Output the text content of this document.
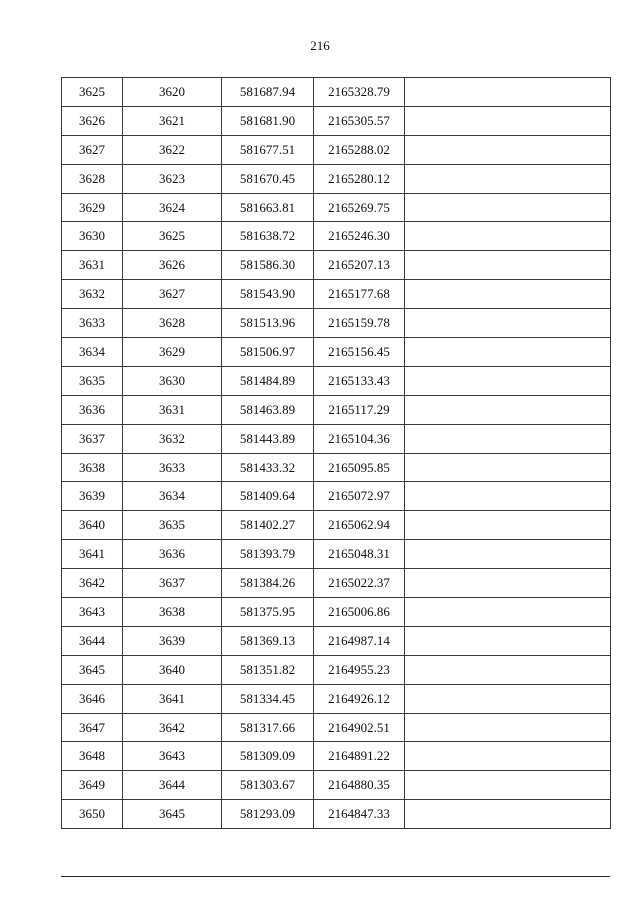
216
3625	3620	581687.94	2165328.79	
3626	3621	581681.90	2165305.57	
3627	3622	581677.51	2165288.02	
3628	3623	581670.45	2165280.12	
3629	3624	581663.81	2165269.75	
3630	3625	581638.72	2165246.30	
3631	3626	581586.30	2165207.13	
3632	3627	581543.90	2165177.68	
3633	3628	581513.96	2165159.78	
3634	3629	581506.97	2165156.45	
3635	3630	581484.89	2165133.43	
3636	3631	581463.89	2165117.29	
3637	3632	581443.89	2165104.36	
3638	3633	581433.32	2165095.85	
3639	3634	581409.64	2165072.97	
3640	3635	581402.27	2165062.94	
3641	3636	581393.79	2165048.31	
3642	3637	581384.26	2165022.37	
3643	3638	581375.95	2165006.86	
3644	3639	581369.13	2164987.14	
3645	3640	581351.82	2164955.23	
3646	3641	581334.45	2164926.12	
3647	3642	581317.66	2164902.51	
3648	3643	581309.09	2164891.22	
3649	3644	581303.67	2164880.35	
3650	3645	581293.09	2164847.33	
